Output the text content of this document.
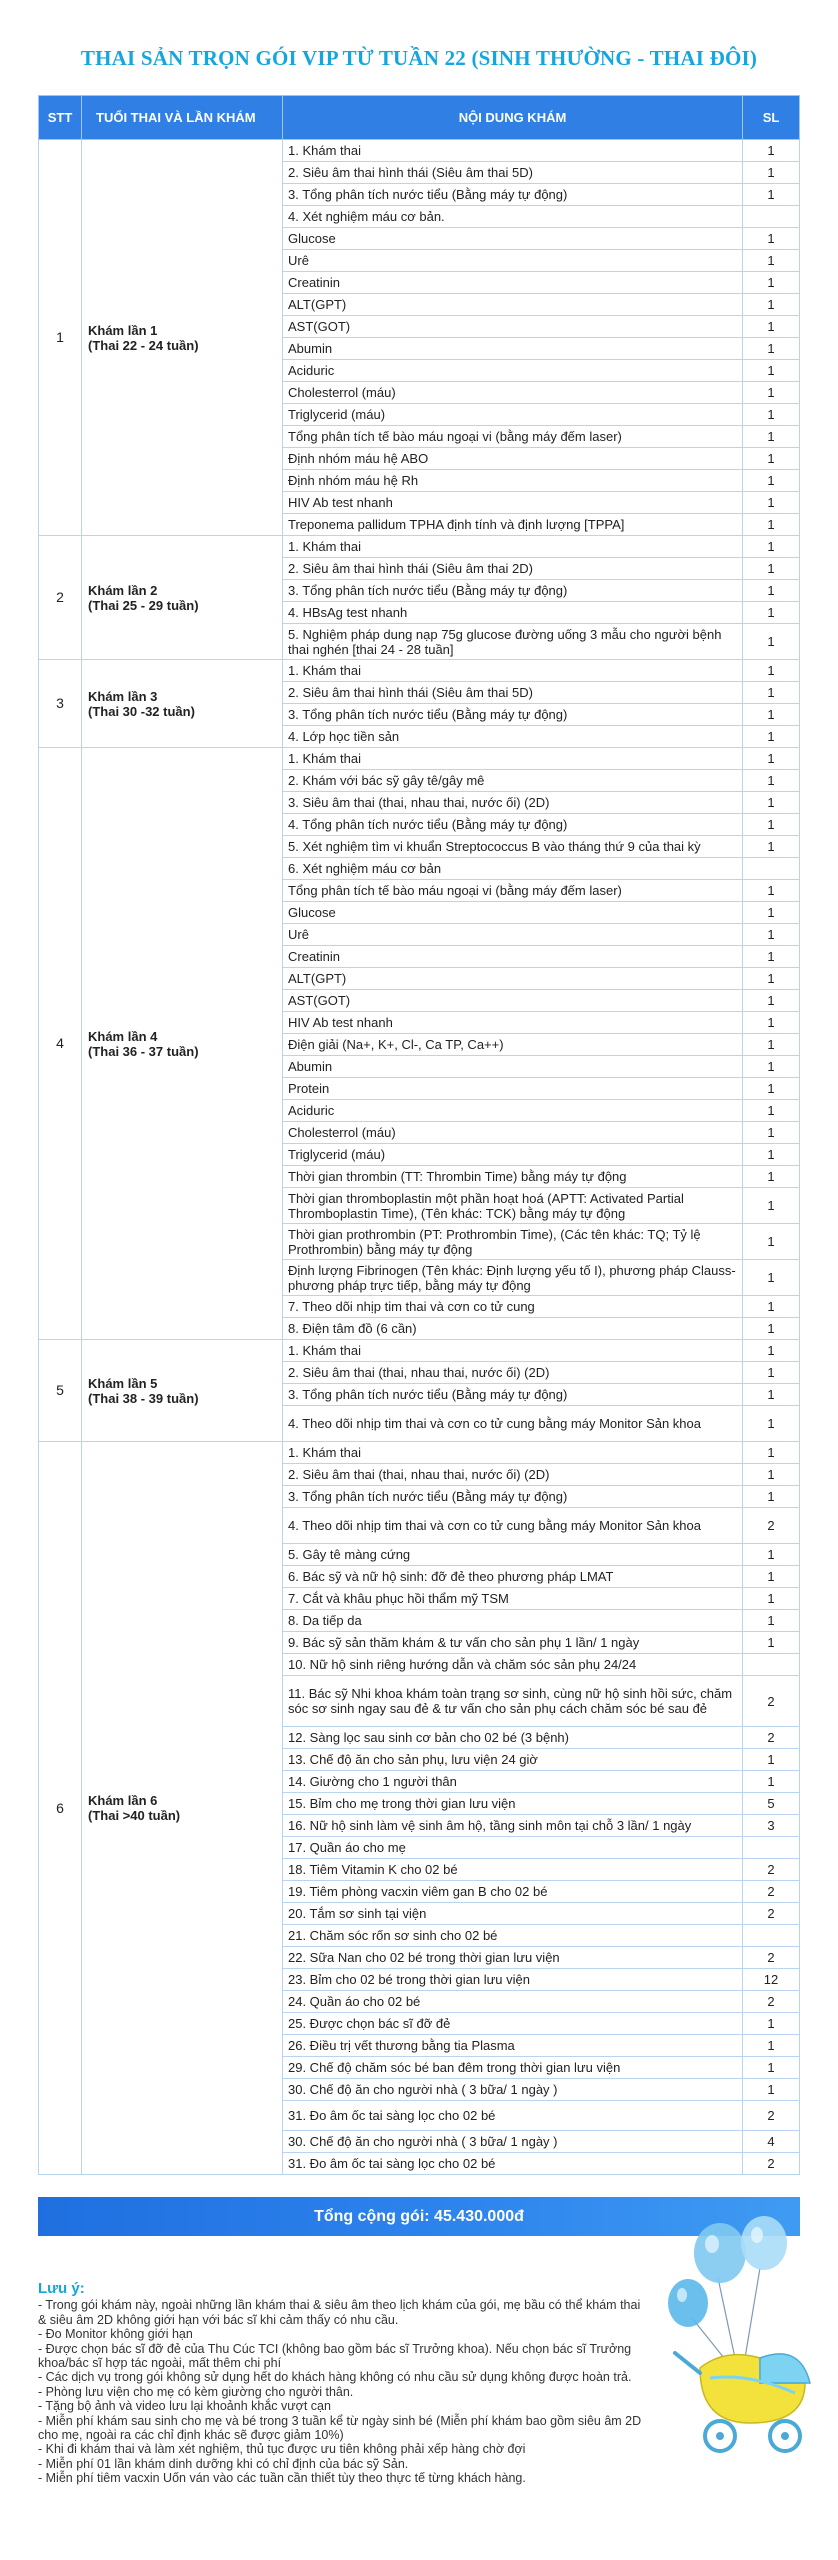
THAI SẢN TRỌN GÓI VIP TỪ TUẦN 22 (SINH THƯỜNG - THAI ĐÔI)
STT	TUỔI THAI VÀ LẦN KHÁM	NỘI DUNG KHÁM	SL
1	Khám lần 1
(Thai 22 - 24 tuần)	1. Khám thai	1
		2. Siêu âm thai hình thái (Siêu âm thai 5D)	1
		3. Tổng phân tích nước tiểu (Bằng máy tự động)	1
		4. Xét nghiệm máu cơ bản.	
		Glucose	1
		Urê	1
		Creatinin	1
		ALT(GPT)	1
		AST(GOT)	1
		Abumin	1
		Aciduric	1
		Cholesterrol (máu)	1
		Triglycerid (máu)	1
		Tổng phân tích tế bào máu ngoại vi (bằng máy đếm laser)	1
		Định nhóm máu hệ ABO	1
		Định nhóm máu hệ Rh	1
		HIV Ab test nhanh	1
		Treponema pallidum TPHA định tính và định lượng [TPPA]	1
2	Khám lần 2
(Thai 25 - 29 tuần)	1. Khám thai	1
		2. Siêu âm thai hình thái (Siêu âm thai 2D)	1
		3. Tổng phân tích nước tiểu (Bằng máy tự động)	1
		4. HBsAg test nhanh	1
		5. Nghiệm pháp dung nạp 75g glucose đường uống 3 mẫu cho người bệnh thai nghén [thai 24 - 28 tuần]	1
3	Khám lần 3
(Thai 30 -32 tuần)	1. Khám thai	1
		2. Siêu âm thai hình thái (Siêu âm thai 5D)	1
		3. Tổng phân tích nước tiểu (Bằng máy tự động)	1
		4. Lớp học tiền sản	1
4	Khám lần 4
(Thai 36 - 37 tuần)	1. Khám thai	1
		2. Khám với bác sỹ gây tê/gây mê	1
		3. Siêu âm thai (thai, nhau thai, nước ối) (2D)	1
		4. Tổng phân tích nước tiểu (Bằng máy tự động)	1
		5. Xét nghiệm tìm vi khuẩn Streptococcus B vào tháng thứ 9 của thai kỳ	1
		6. Xét nghiệm máu cơ bản	
		Tổng phân tích tế bào máu ngoại vi (bằng máy đếm laser)	1
		Glucose	1
		Urê	1
		Creatinin	1
		ALT(GPT)	1
		AST(GOT)	1
		HIV Ab test nhanh	1
		Điện giải (Na+, K+, Cl-, Ca TP, Ca++)	1
		Abumin	1
		Protein	1
		Aciduric	1
		Cholesterrol (máu)	1
		Triglycerid (máu)	1
		Thời gian thrombin (TT: Thrombin Time) bằng máy tự động	1
		Thời gian thromboplastin một phần hoạt hoá (APTT: Activated Partial Thromboplastin Time), (Tên khác: TCK) bằng máy tự động	1
		Thời gian prothrombin (PT: Prothrombin Time), (Các tên khác: TQ; Tỷ lệ Prothrombin) bằng máy tự động	1
		Định lượng Fibrinogen (Tên khác: Định lượng yếu tố I), phương pháp Clauss- phương pháp trực tiếp, bằng máy tự động	1
		7. Theo dõi nhịp tim thai và cơn co tử cung	1
		8. Điện tâm đồ (6 cần)	1
5	Khám lần 5
(Thai 38 - 39 tuần)	1. Khám thai	1
		2. Siêu âm thai (thai, nhau thai, nước ối) (2D)	1
		3. Tổng phân tích nước tiểu (Bằng máy tự động)	1
		4. Theo dõi nhịp tim thai và cơn co tử cung bằng máy Monitor Sản khoa	1
6	Khám lần 6
(Thai >40 tuần)	1. Khám thai	1
		2. Siêu âm thai (thai, nhau thai, nước ối) (2D)	1
		3. Tổng phân tích nước tiểu (Bằng máy tự động)	1
		4. Theo dõi nhịp tim thai và cơn co tử cung bằng máy Monitor Sản khoa	2
		5. Gây tê màng cứng	1
		6. Bác sỹ và nữ hộ sinh: đỡ đẻ theo phương pháp LMAT	1
		7. Cắt và khâu phục hồi thẩm mỹ TSM	1
		8. Da tiếp da	1
		9. Bác sỹ sản thăm khám & tư vấn cho sản phụ 1 lần/ 1 ngày	1
		10. Nữ hộ sinh riêng hướng dẫn và chăm sóc sản phụ 24/24	
		11. Bác sỹ Nhi khoa khám toàn trạng sơ sinh, cùng nữ hộ sinh hồi sức, chăm sóc sơ sinh ngay sau đẻ & tư vấn cho sản phụ cách chăm sóc bé sau đẻ	2
		12. Sàng lọc sau sinh cơ bản cho 02 bé (3 bệnh)	2
		13. Chế độ ăn cho sản phụ, lưu viện 24 giờ	1
		14. Giường cho 1 người thân	1
		15. Bỉm cho mẹ trong thời gian lưu viện	5
		16. Nữ hộ sinh làm vệ sinh âm hộ, tầng sinh môn tại chỗ 3 lần/ 1 ngày	3
		17. Quần áo cho mẹ	
		18. Tiêm Vitamin K cho 02 bé	2
		19. Tiêm phòng vacxin viêm gan B cho 02 bé	2
		20. Tắm sơ sinh tại viện	2
		21. Chăm sóc rốn sơ sinh cho 02 bé	
		22. Sữa Nan cho 02 bé trong thời gian lưu viện	2
		23. Bỉm cho 02 bé trong thời gian lưu viện	12
		24. Quần áo cho 02 bé	2
		25. Được chọn bác sĩ đỡ đẻ	1
		26. Điều trị vết thương bằng tia Plasma	1
		29. Chế độ chăm sóc bé ban đêm trong thời gian lưu viện	1
		30. Chế độ ăn cho người nhà ( 3 bữa/ 1 ngày )	1
		31. Đo âm ốc tai sàng lọc cho 02 bé	2
		30. Chế độ ăn cho người nhà ( 3 bữa/ 1 ngày )	4
		31. Đo âm ốc tai sàng lọc cho 02 bé	2
Tổng cộng gói: 45.430.000đ
Lưu ý:
- Trong gói khám này, ngoài những lần khám thai & siêu âm theo lịch khám của gói, mẹ bầu có thể khám thai & siêu âm 2D không giới hạn với bác sĩ khi cảm thấy có nhu cầu.
- Đo Monitor không giới hạn
- Được chọn bác sĩ đỡ đẻ của Thu Cúc TCI (không bao gồm bác sĩ Trưởng khoa). Nếu chọn bác sĩ Trưởng khoa/bác sĩ hợp tác ngoài, mất thêm chi phí
- Các dịch vụ trong gói không sử dụng hết do khách hàng không có nhu cầu sử dụng không được hoàn trả.
- Phòng lưu viện cho mẹ có kèm giường cho người thân.
- Tặng bộ ảnh và video lưu lại khoảnh khắc vượt cạn
- Miễn phí khám sau sinh cho mẹ và bé trong 3 tuần kể từ ngày sinh bé (Miễn phí khám bao gồm siêu âm 2D cho mẹ, ngoài ra các chỉ định khác sẽ được giảm 10%)
- Khi đi khám thai và làm xét nghiệm, thủ tục được ưu tiên không phải xếp hàng chờ đợi
- Miễn phí 01 lần khám dinh dưỡng khi có chỉ định của bác sỹ Sản.
- Miễn phí tiêm vacxin Uốn ván vào các tuần cần thiết tùy theo thực tế từng khách hàng.
